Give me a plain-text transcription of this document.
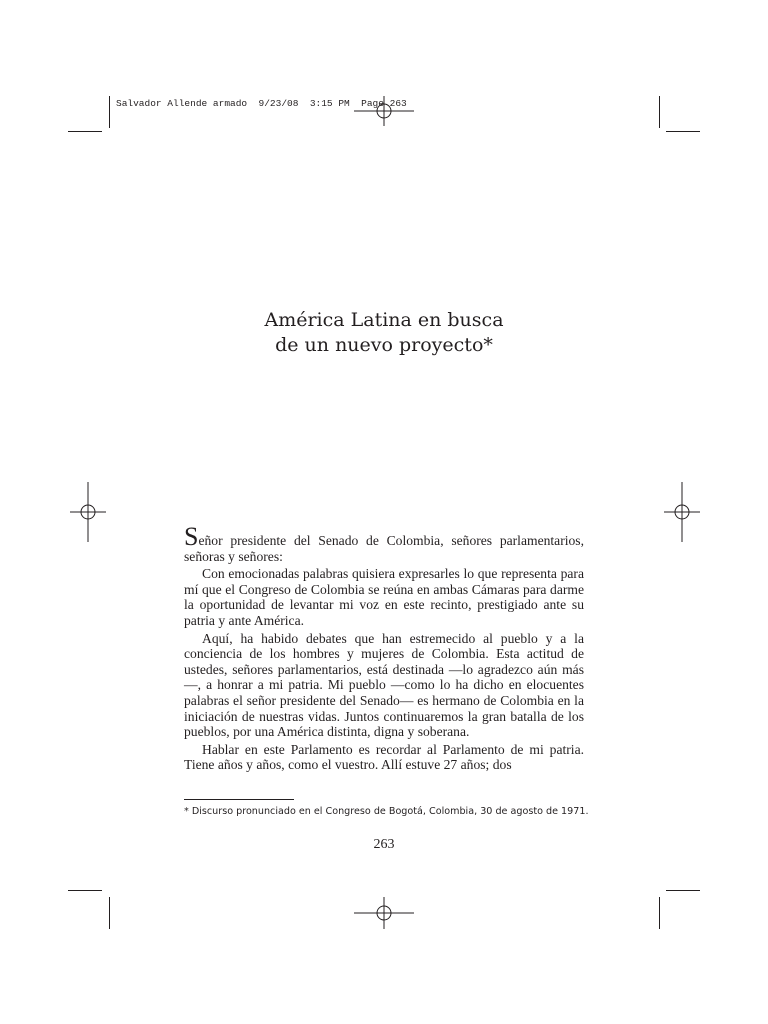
Salvador Allende armado  9/23/08  3:15 PM  Page 263
América Latina en busca
de un nuevo proyecto*

Señor presidente del Senado de Colombia, señores parlamentarios, señoras y señores:

Con emocionadas palabras quisiera expresarles lo que representa para mí que el Congreso de Colombia se reúna en ambas Cámaras para darme la oportunidad de levantar mi voz en este recinto, prestigiado ante su patria y ante América.

Aquí, ha habido debates que han estremecido al pueblo y a la conciencia de los hombres y mujeres de Colombia. Esta actitud de ustedes, señores parlamentarios, está destinada —lo agradezco aún más—, a honrar a mi patria. Mi pueblo —como lo ha dicho en elocuentes palabras el señor presidente del Senado— es hermano de Colombia en la iniciación de nuestras vidas. Juntos continuaremos la gran batalla de los pueblos, por una América distinta, digna y soberana.

Hablar en este Parlamento es recordar al Parlamento de mi patria. Tiene años y años, como el vuestro. Allí estuve 27 años; dos

* Discurso pronunciado en el Congreso de Bogotá, Colombia, 30 de agosto de 1971.
263
